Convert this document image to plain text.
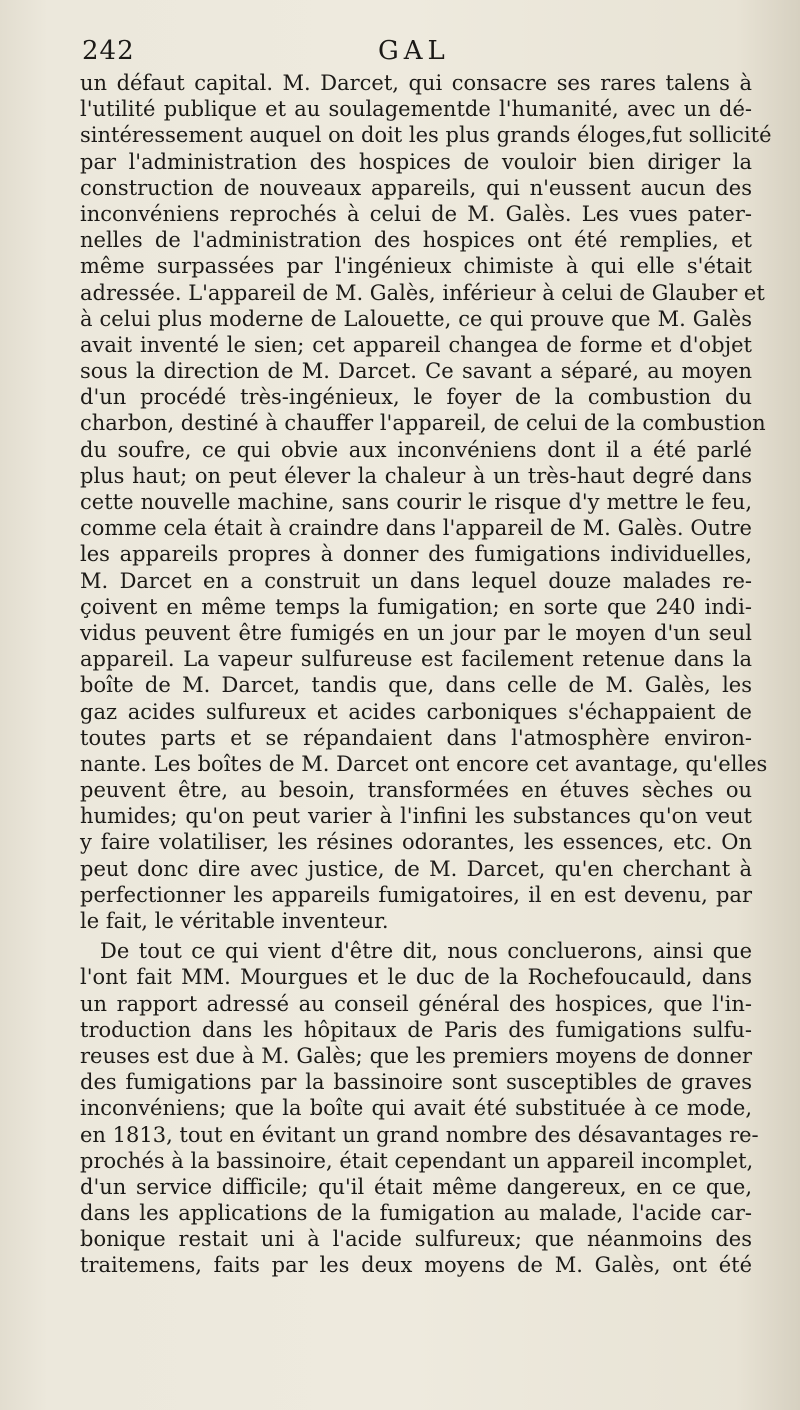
242	GAL
un défaut capital. M. Darcet, qui consacre ses rares talens à
l'utilité publique et au soulagementde l'humanité, avec un dé-
sintéressement auquel on doit les plus grands éloges,fut sollicité
par l'administration des hospices de vouloir bien diriger la
construction de nouveaux appareils, qui n'eussent aucun des
inconvéniens reprochés à celui de M. Galès. Les vues pater-
nelles de l'administration des hospices ont été remplies, et
même surpassées par l'ingénieux chimiste à qui elle s'était
adressée. L'appareil de M. Galès, inférieur à celui de Glauber et
à celui plus moderne de Lalouette, ce qui prouve que M. Galès
avait inventé le sien; cet appareil changea de forme et d'objet
sous la direction de M. Darcet. Ce savant a séparé, au moyen
d'un procédé très-ingénieux, le foyer de la combustion du
charbon, destiné à chauffer l'appareil, de celui de la combustion
du soufre, ce qui obvie aux inconvéniens dont il a été parlé
plus haut; on peut élever la chaleur à un très-haut degré dans
cette nouvelle machine, sans courir le risque d'y mettre le feu,
comme cela était à craindre dans l'appareil de M. Galès. Outre
les appareils propres à donner des fumigations individuelles,
M. Darcet en a construit un dans lequel douze malades re-
çoivent en même temps la fumigation; en sorte que 240 indi-
vidus peuvent être fumigés en un jour par le moyen d'un seul
appareil. La vapeur sulfureuse est facilement retenue dans la
boîte de M. Darcet, tandis que, dans celle de M. Galès, les
gaz acides sulfureux et acides carboniques s'échappaient de
toutes parts et se répandaient dans l'atmosphère environ-
nante. Les boîtes de M. Darcet ont encore cet avantage, qu'elles
peuvent être, au besoin, transformées en étuves sèches ou
humides; qu'on peut varier à l'infini les substances qu'on veut
y faire volatiliser, les résines odorantes, les essences, etc. On
peut donc dire avec justice, de M. Darcet, qu'en cherchant à
perfectionner les appareils fumigatoires, il en est devenu, par
le fait, le véritable inventeur.
De tout ce qui vient d'être dit, nous concluerons, ainsi que
l'ont fait MM. Mourgues et le duc de la Rochefoucauld, dans
un rapport adressé au conseil général des hospices, que l'in-
troduction dans les hôpitaux de Paris des fumigations sulfu-
reuses est due à M. Galès; que les premiers moyens de donner
des fumigations par la bassinoire sont susceptibles de graves
inconvéniens; que la boîte qui avait été substituée à ce mode,
en 1813, tout en évitant un grand nombre des désavantages re-
prochés à la bassinoire, était cependant un appareil incomplet,
d'un service difficile; qu'il était même dangereux, en ce que,
dans les applications de la fumigation au malade, l'acide car-
bonique restait uni à l'acide sulfureux; que néanmoins des
traitemens, faits par les deux moyens de M. Galès, ont été
